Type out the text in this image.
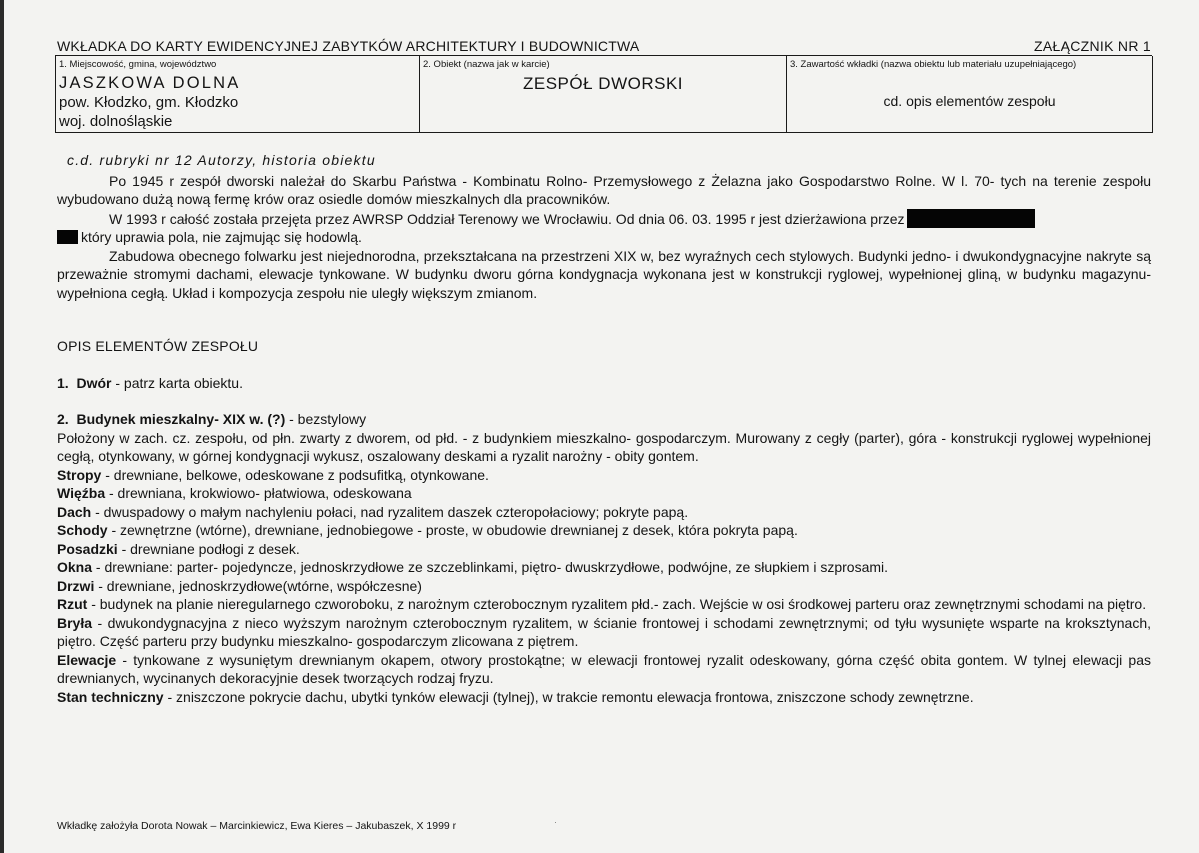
WKŁADKA DO KARTY EWIDENCYJNEJ ZABYTKÓW ARCHITEKTURY I BUDOWNICTWA	ZAŁĄCZNIK NR 1
1. Miejscowość, gmina, województwo
JASZKOWA DOLNA
pow. Kłodzko, gm. Kłodzko
woj. dolnośląskie
2. Obiekt (nazwa jak w karcie)
ZESPÓŁ DWORSKI
3. Zawartość wkładki (nazwa obiektu lub materiału uzupełniającego)
cd. opis elementów zespołu

c.d. rubryki nr 12 Autorzy, historia obiektu

Po 1945 r zespół dworski należał do Skarbu Państwa - Kombinatu Rolno- Przemysłowego z Żelazna jako Gospodarstwo Rolne. W l. 70- tych na terenie zespołu wybudowano dużą nową fermę krów oraz osiedle domów mieszkalnych dla pracowników.

W 1993 r całość została przejęta przez AWRSP Oddział Terenowy we Wrocławiu. Od dnia 06. 03. 1995 r jest dzierżawiona przez

który uprawia pola, nie zajmując się hodowlą.

Zabudowa obecnego folwarku jest niejednorodna, przekształcana na przestrzeni XIX w, bez wyraźnych cech stylowych. Budynki jedno- i dwukondygnacyjne nakryte są przeważnie stromymi dachami, elewacje tynkowane. W budynku dworu górna kondygnacja wykonana jest w konstrukcji ryglowej, wypełnionej gliną, w budynku magazynu- wypełniona cegłą. Układ i kompozycja zespołu nie uległy większym zmianom.

OPIS ELEMENTÓW ZESPOŁU

1. Dwór - patrz karta obiektu.

2. Budynek mieszkalny- XIX w. (?) - bezstylowy

Położony w zach. cz. zespołu, od płn. zwarty z dworem, od płd. - z budynkiem mieszkalno- gospodarczym. Murowany z cegły (parter), góra - konstrukcji ryglowej wypełnionej cegłą, otynkowany, w górnej kondygnacji wykusz, oszalowany deskami a ryzalit narożny - obity gontem.

Stropy - drewniane, belkowe, odeskowane z podsufitką, otynkowane.

Więźba - drewniana, krokwiowo- płatwiowa, odeskowana

Dach - dwuspadowy o małym nachyleniu połaci, nad ryzalitem daszek czteropołaciowy; pokryte papą.

Schody - zewnętrzne (wtórne), drewniane, jednobiegowe - proste, w obudowie drewnianej z desek, która pokryta papą.

Posadzki - drewniane podłogi z desek.

Okna - drewniane: parter- pojedyncze, jednoskrzydłowe ze szczeblinkami, piętro- dwuskrzydłowe, podwójne, ze słupkiem i szprosami.

Drzwi - drewniane, jednoskrzydłowe(wtórne, współczesne)

Rzut - budynek na planie nieregularnego czworoboku, z narożnym czterobocznym ryzalitem płd.- zach. Wejście w osi środkowej parteru oraz zewnętrznymi schodami na piętro.

Bryła - dwukondygnacyjna z nieco wyższym narożnym czterobocznym ryzalitem, w ścianie frontowej i schodami zewnętrznymi; od tyłu wysunięte wsparte na kroksztynach, piętro. Część parteru przy budynku mieszkalno- gospodarczym zlicowana z piętrem.

Elewacje - tynkowane z wysuniętym drewnianym okapem, otwory prostokątne; w elewacji frontowej ryzalit odeskowany, górna część obita gontem. W tylnej elewacji pas drewnianych, wycinanych dekoracyjnie desek tworzących rodzaj fryzu.

Stan techniczny - zniszczone pokrycie dachu, ubytki tynków elewacji (tylnej), w trakcie remontu elewacja frontowa, zniszczone schody zewnętrzne.

Wkładkę założyła Dorota Nowak – Marcinkiewicz, Ewa Kieres – Jakubaszek, X 1999 r	·
